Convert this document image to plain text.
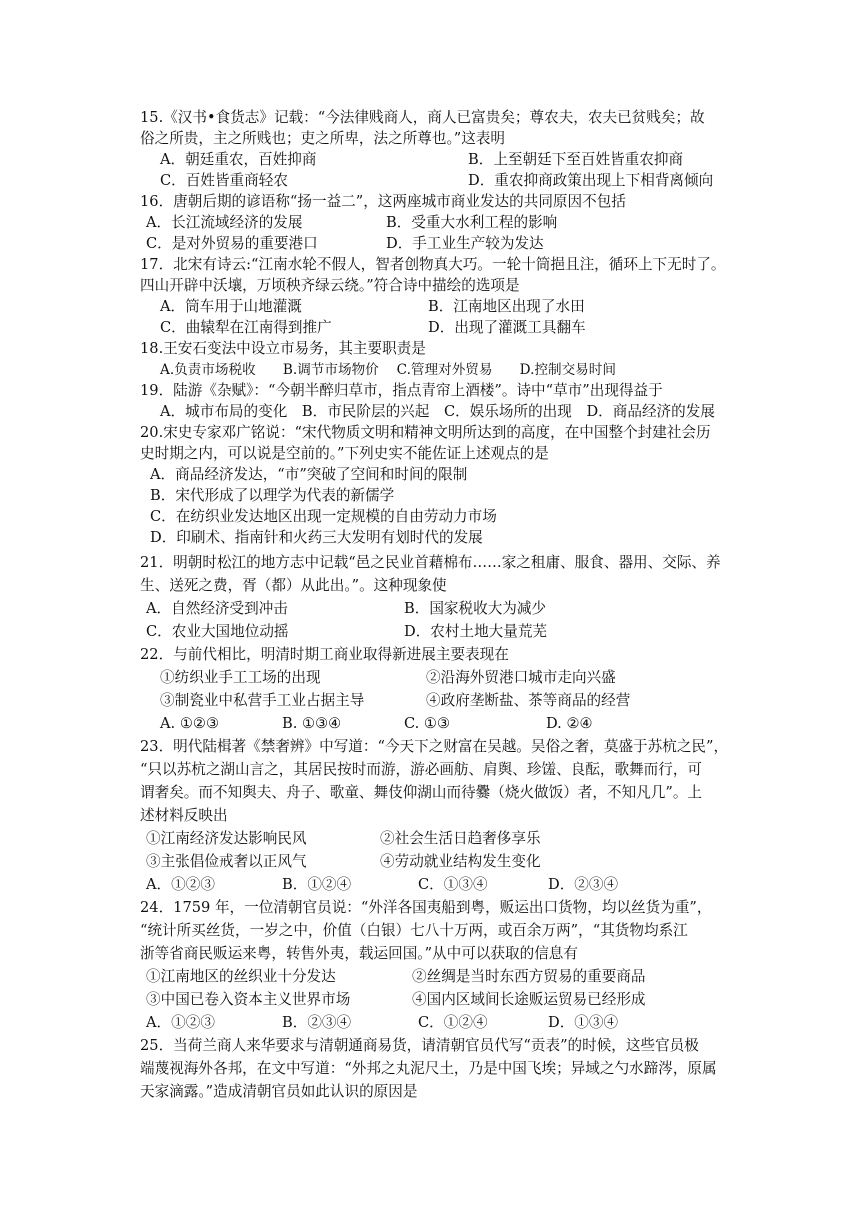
15.《汉书•食货志》记载：“今法律贱商人，商人已富贵矣；尊农夫，农夫已贫贱矣；故
俗之所贵，主之所贱也；吏之所卑，法之所尊也。”这表明
A．朝廷重农，百姓抑商	B．上至朝廷下至百姓皆重农抑商
C．百姓皆重商轻农	D．重农抑商政策出现上下相背离倾向
16．唐朝后期的谚语称“扬一益二”，这两座城市商业发达的共同原因不包括
A．长江流域经济的发展	B．受重大水利工程的影响
C．是对外贸易的重要港口	D．手工业生产较为发达
17．北宋有诗云:“江南水轮不假人，智者创物真大巧。一轮十筒挹且注，循环上下无时了。
四山开辟中沃壤，万顷秧齐绿云绕。”符合诗中描绘的选项是
A．筒车用于山地灌溉	B．江南地区出现了水田
C．曲辕犁在江南得到推广	D．出现了灌溉工具翻车
18.王安石变法中设立市易务，其主要职责是
A.负责市场税收　　B.调节市场物价　 C.管理对外贸易　　D.控制交易时间
19．陆游《杂赋》：“今朝半醉归草市，指点青帘上酒楼”。诗中“草市”出现得益于
A．城市布局的变化　B．市民阶层的兴起　C．娱乐场所的出现　D．商品经济的发展
20.宋史专家邓广铭说：“宋代物质文明和精神文明所达到的高度，在中国整个封建社会历
史时期之内，可以说是空前的。”下列史实不能佐证上述观点的是
A．商品经济发达，“市”突破了空间和时间的限制
B．宋代形成了以理学为代表的新儒学
C．在纺织业发达地区出现一定规模的自由劳动力市场
D．印刷术、指南针和火药三大发明有划时代的发展
21．明朝时松江的地方志中记载“邑之民业首藉棉布……家之租庸、服食、器用、交际、养
生、送死之费，胥（都）从此出。”。这种现象使
A．自然经济受到冲击	B．国家税收大为减少
C．农业大国地位动摇	D．农村土地大量荒芜
22．与前代相比，明清时期工商业取得新进展主要表现在
①纺织业手工工场的出现	②沿海外贸港口城市走向兴盛
③制瓷业中私营手工业占据主导	④政府垄断盐、茶等商品的经营
A. ①②③	B. ①③④	C. ①③	D. ②④
23．明代陆楫著《禁奢辨》中写道：“今天下之财富在吴越。吴俗之奢，莫盛于苏杭之民”，
“只以苏杭之湖山言之，其居民按时而游，游必画舫、肩舆、珍馐、良酝，歌舞而行，可
谓奢矣。而不知舆夫、舟子、歌童、舞伎仰湖山而待爨（烧火做饭）者，不知凡几”。上
述材料反映出
①江南经济发达影响民风	②社会生活日趋奢侈享乐
③主张倡俭戒奢以正风气	④劳动就业结构发生变化
A．①②③	B．①②④	C．①③④	D．②③④
24．1759 年，一位清朝官员说：“外洋各国夷船到粤，贩运出口货物，均以丝货为重”，
“统计所买丝货，一岁之中，价值（白银）七八十万两，或百余万两”，“其货物均系江
浙等省商民贩运来粤，转售外夷，载运回国。”从中可以获取的信息有
①江南地区的丝织业十分发达	②丝绸是当时东西方贸易的重要商品
③中国已卷入资本主义世界市场	④国内区域间长途贩运贸易已经形成
A．①②③	B．②③④	C．①②④	D．①③④
25．当荷兰商人来华要求与清朝通商易货，请清朝官员代写“贡表”的时候，这些官员极
端蔑视海外各邦，在文中写道：“外邦之丸泥尺土，乃是中国飞埃；异域之勺水蹄涔，原属
天家滴露。”造成清朝官员如此认识的原因是
